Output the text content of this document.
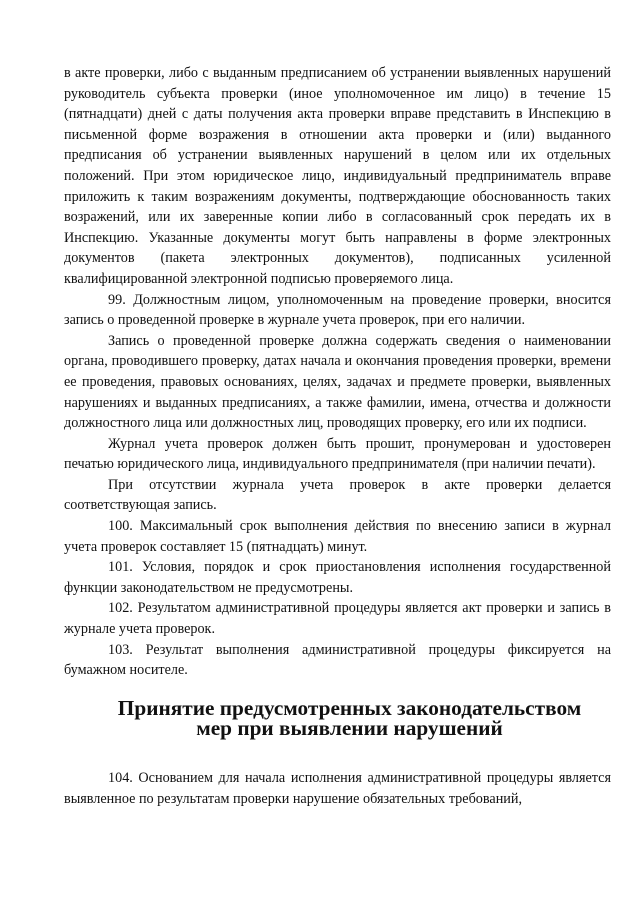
в акте проверки, либо с выданным предписанием об устранении выявленных нарушений руководитель субъекта проверки (иное уполномоченное им лицо) в течение 15 (пятнадцати) дней с даты получения акта проверки вправе представить в Инспекцию в письменной форме возражения в отношении акта проверки и (или) выданного предписания об устранении выявленных нарушений в целом или их отдельных положений. При этом юридическое лицо, индивидуальный предприниматель вправе приложить к таким возражениям документы, подтверждающие обоснованность таких возражений, или их заверенные копии либо в согласованный срок передать их в Инспекцию. Указанные документы могут быть направлены в форме электронных документов (пакета электронных документов), подписанных усиленной квалифицированной электронной подписью проверяемого лица.

99. Должностным лицом, уполномоченным на проведение проверки, вносится запись о проведенной проверке в журнале учета проверок, при его наличии.

Запись о проведенной проверке должна содержать сведения о наименовании органа, проводившего проверку, датах начала и окончания проведения проверки, времени ее проведения, правовых основаниях, целях, задачах и предмете проверки, выявленных нарушениях и выданных предписаниях, а также фамилии, имена, отчества и должности должностного лица или должностных лиц, проводящих проверку, его или их подписи.

Журнал учета проверок должен быть прошит, пронумерован и удостоверен печатью юридического лица, индивидуального предпринимателя (при наличии печати).

При отсутствии журнала учета проверок в акте проверки делается соответствующая запись.

100. Максимальный срок выполнения действия по внесению записи в журнал учета проверок составляет 15 (пятнадцать) минут.

101. Условия, порядок и срок приостановления исполнения государственной функции законодательством не предусмотрены.

102. Результатом административной процедуры является акт проверки и запись в журнале учета проверок.

103. Результат выполнения административной процедуры фиксируется на бумажном носителе.

Принятие предусмотренных законодательством мер при выявлении нарушений

104. Основанием для начала исполнения административной процедуры является выявленное по результатам проверки нарушение обязательных требований,
